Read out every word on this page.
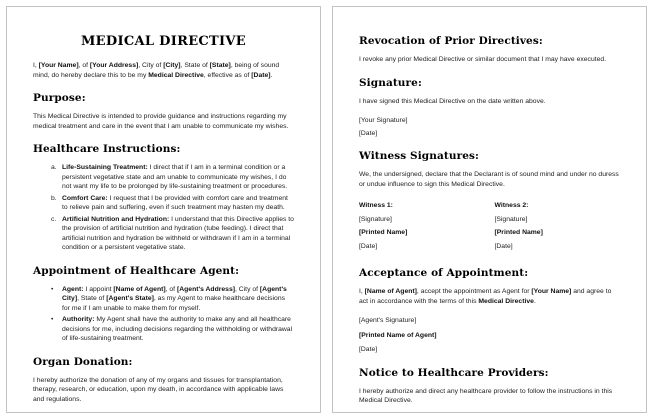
MEDICAL DIRECTIVE

I, [Your Name], of [Your Address], City of [City], State of [State], being of sound mind, do hereby declare this to be my Medical Directive, effective as of [Date].

Purpose:

This Medical Directive is intended to provide guidance and instructions regarding my medical treatment and care in the event that I am unable to communicate my wishes.

Healthcare Instructions:
a. Life-Sustaining Treatment: I direct that if I am in a terminal condition or a persistent vegetative state and am unable to communicate my wishes, I do not want my life to be prolonged by life-sustaining treatment or procedures.
b. Comfort Care: I request that I be provided with comfort care and treatment to relieve pain and suffering, even if such treatment may hasten my death.
c. Artificial Nutrition and Hydration: I understand that this Directive applies to the provision of artificial nutrition and hydration (tube feeding). I direct that artificial nutrition and hydration be withheld or withdrawn if I am in a terminal condition or a persistent vegetative state.
Appointment of Healthcare Agent:
•	Agent: I appoint [Name of Agent], of [Agent's Address], City of [Agent's City], State of [Agent's State], as my Agent to make healthcare decisions for me if I am unable to make them for myself.
•	Authority: My Agent shall have the authority to make any and all healthcare decisions for me, including decisions regarding the withholding or withdrawal of life-sustaining treatment.
Organ Donation:

I hereby authorize the donation of any of my organs and tissues for transplantation, therapy, research, or education, upon my death, in accordance with applicable laws and regulations.

Revocation of Prior Directives:

I revoke any prior Medical Directive or similar document that I may have executed.

Signature:

I have signed this Medical Directive on the date written above.

[Your Signature]
[Date]
Witness Signatures:

We, the undersigned, declare that the Declarant is of sound mind and under no duress or undue influence to sign this Medical Directive.

Witness 1:
[Signature]
[Printed Name]
[Date]
Witness 2:
[Signature]
[Printed Name]
[Date]
Acceptance of Appointment:

I, [Name of Agent], accept the appointment as Agent for [Your Name] and agree to act in accordance with the terms of this Medical Directive.

[Agent's Signature]
[Printed Name of Agent]
[Date]
Notice to Healthcare Providers:

I hereby authorize and direct any healthcare provider to follow the instructions in this Medical Directive.
